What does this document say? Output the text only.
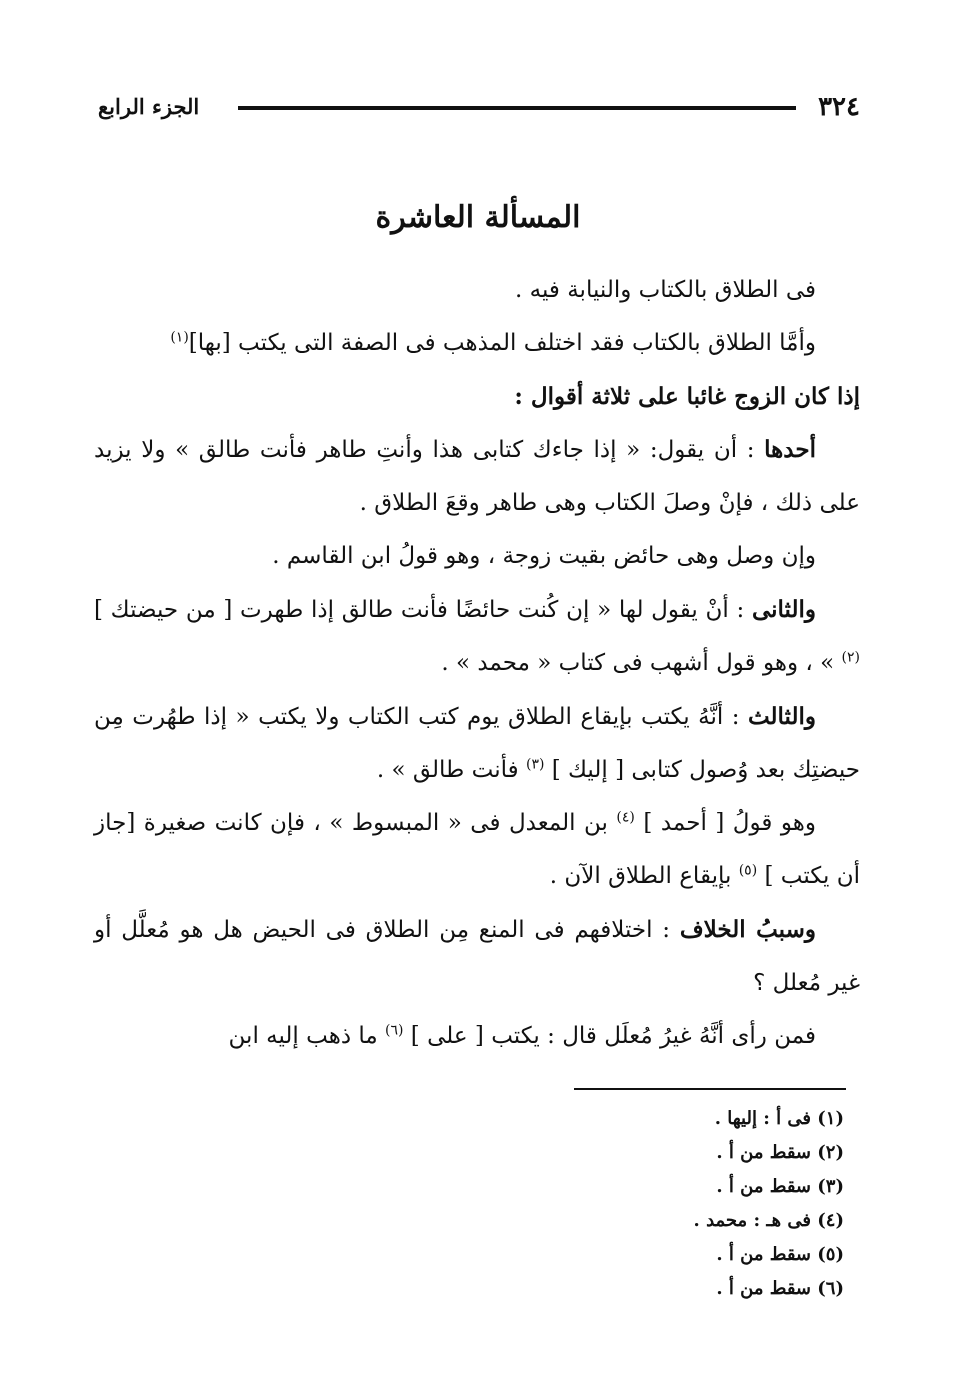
٣٢٤
الجزء الرابع
المسألة العاشرة

فى الطلاق بالكتاب والنيابة فيه .

وأمَّا الطلاق بالكتاب فقد اختلف المذهب فى الصفة التى يكتب [بها]$^{(١)}$

إذا كان الزوج غائبا على ثلاثة أقوال :

أحدها : أن يقول: « إذا جاءك كتابى هذا وأنتِ طاهر فأنت طالق » ولا يزيد على ذلك ، فإنْ وصلَ الكتاب وهى طاهر وقعَ الطلاق .

وإن وصل وهى حائض بقيت زوجة ، وهو قولُ ابن القاسم .

والثانى : أنْ يقول لها « إن كُنت حائضًا فأنت طالق إذا طهرت [ من حيضتك ] $^{(٢)}$ » ، وهو قول أشهب فى كتاب « محمد » .

والثالث : أنَّهُ يكتب بإيقاع الطلاق يوم كتب الكتاب ولا يكتب « إذا طهُرت مِن حيضتِك بعد وُصول كتابى [ إليك ] $^{(٣)}$ فأنت طالق » .

وهو قولُ [ أحمد ] $^{(٤)}$ بن المعدل فى « المبسوط » ، فإن كانت صغيرة [جاز أن يكتب ] $^{(٥)}$ بإيقاع الطلاق الآن .

وسببُ الخلاف : اختلافهم فى المنع مِن الطلاق فى الحيض هل هو مُعلَّل أو غير مُعلل ؟

فمن رأى أنَّهُ غيرُ مُعلَل قال : يكتب [ على ] $^{(٦)}$ ما ذهب إليه ابن

(١) فى أ : إليها .
(٢) سقط من أ .
(٣) سقط من أ .
(٤) فى هـ : محمد .
(٥) سقط من أ .
(٦) سقط من أ .
